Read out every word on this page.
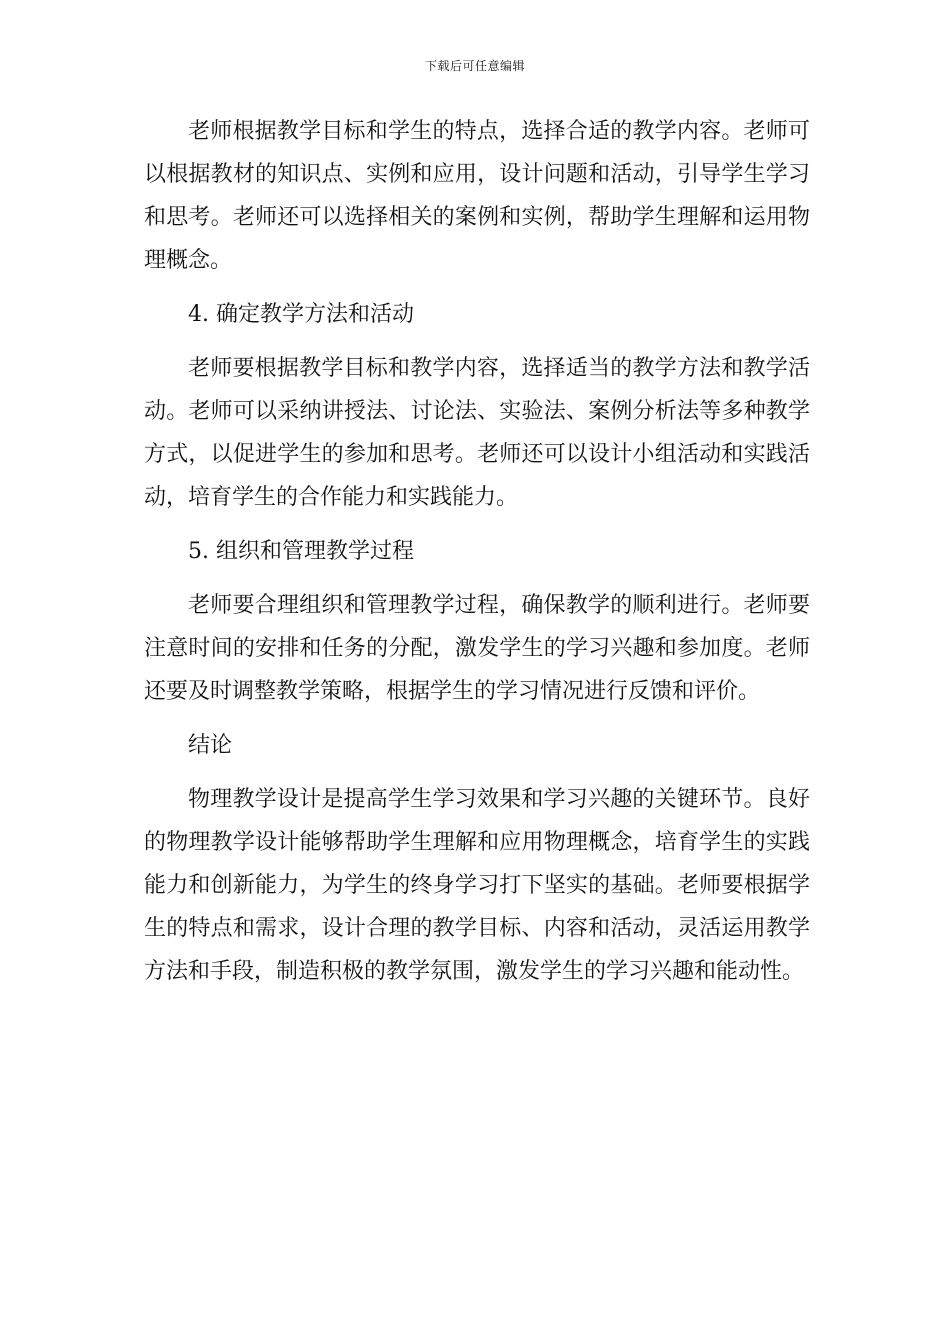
下载后可任意编辑

老师根据教学目标和学生的特点，选择合适的教学内容。老师可以根据教材的知识点、实例和应用，设计问题和活动，引导学生学习和思考。老师还可以选择相关的案例和实例，帮助学生理解和运用物理概念。

4. 确定教学方法和活动

老师要根据教学目标和教学内容，选择适当的教学方法和教学活动。老师可以采纳讲授法、讨论法、实验法、案例分析法等多种教学方式，以促进学生的参加和思考。老师还可以设计小组活动和实践活动，培育学生的合作能力和实践能力。

5. 组织和管理教学过程

老师要合理组织和管理教学过程，确保教学的顺利进行。老师要注意时间的安排和任务的分配，激发学生的学习兴趣和参加度。老师还要及时调整教学策略，根据学生的学习情况进行反馈和评价。

结论

物理教学设计是提高学生学习效果和学习兴趣的关键环节。良好的物理教学设计能够帮助学生理解和应用物理概念，培育学生的实践能力和创新能力，为学生的终身学习打下坚实的基础。老师要根据学生的特点和需求，设计合理的教学目标、内容和活动，灵活运用教学方法和手段，制造积极的教学氛围，激发学生的学习兴趣和能动性。
